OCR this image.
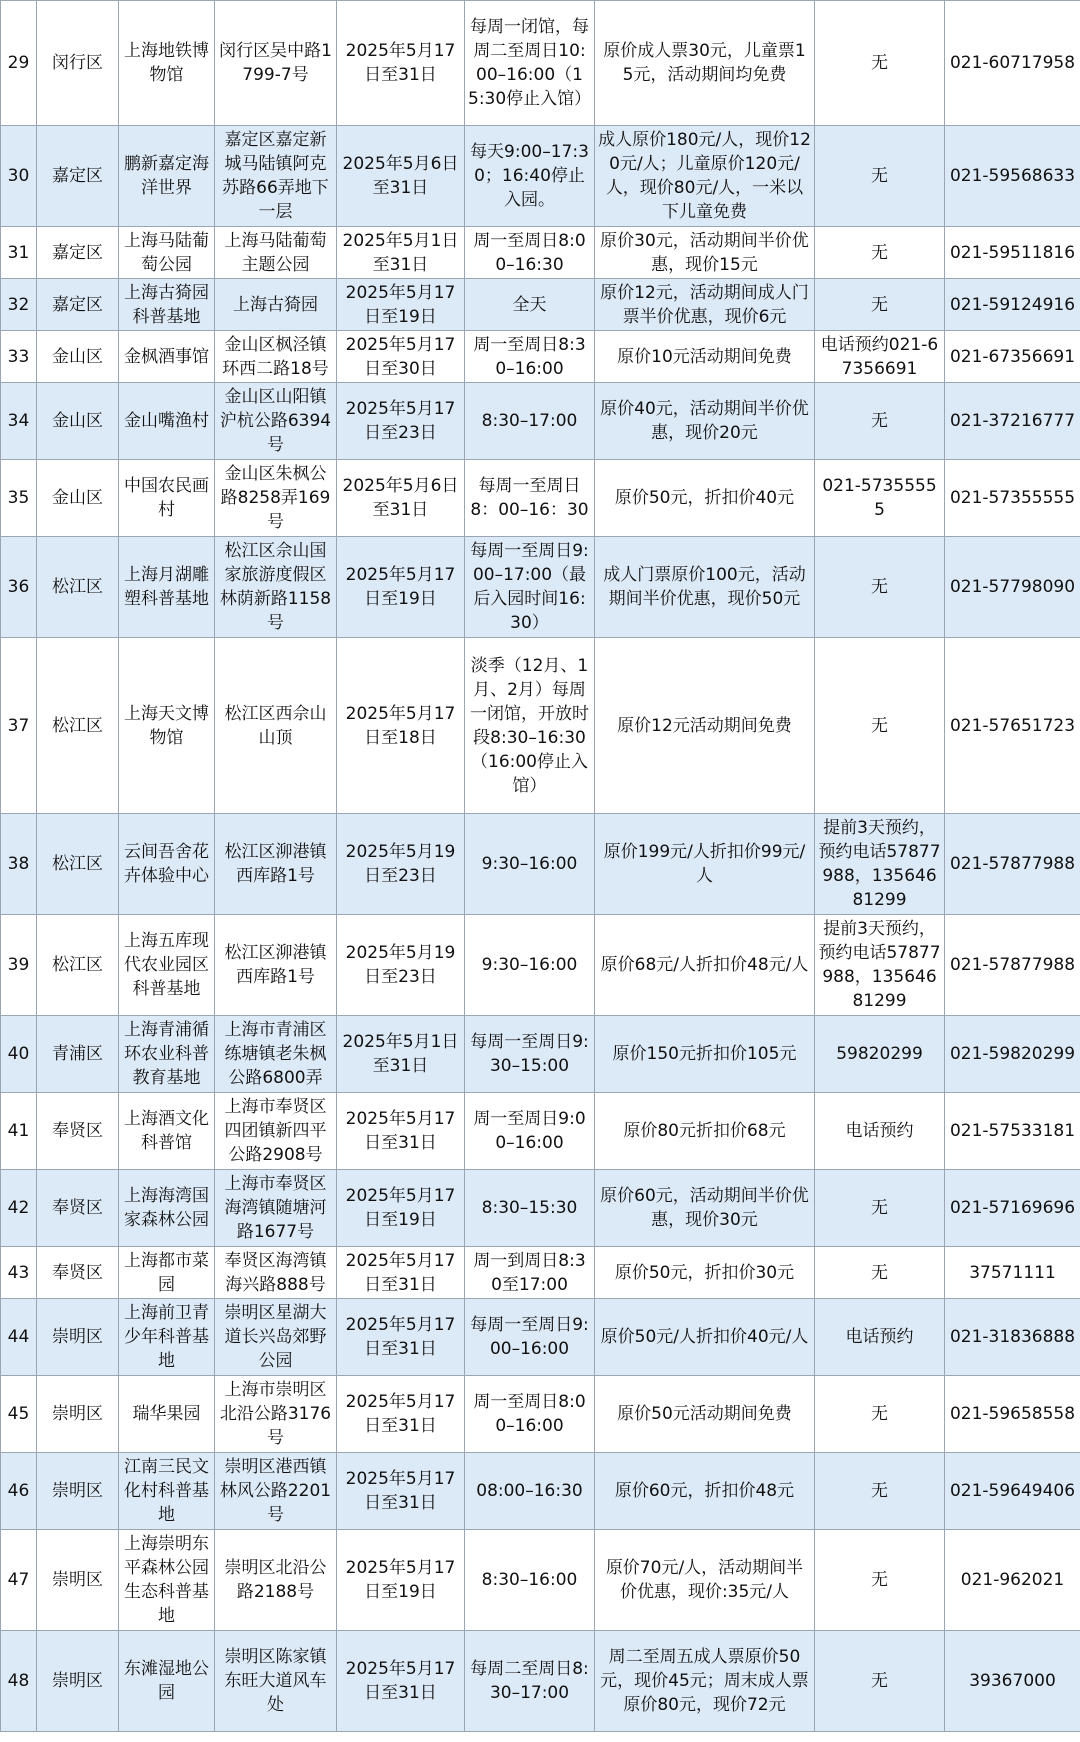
29	闵行区	上海地铁博物馆	闵行区吴中路1799-7号	2025年5月17日至31日	每周一闭馆，每周二至周日10:00–16:00（15:30停止入馆）	原价成人票30元，儿童票15元，活动期间均免费	无	021-60717958
30	嘉定区	鹏新嘉定海洋世界	嘉定区嘉定新城马陆镇阿克苏路66弄地下一层	2025年5月6日至31日	每天9:00–17:30；16:40停止入园。	成人原价180元/人，现价120元/人；儿童原价120元/人，现价80元/人，一米以下儿童免费	无	021-59568633
31	嘉定区	上海马陆葡萄公园	上海马陆葡萄主题公园	2025年5月1日至31日	周一至周日8:00–16:30	原价30元，活动期间半价优惠，现价15元	无	021-59511816
32	嘉定区	上海古猗园科普基地	上海古猗园	2025年5月17日至19日	全天	原价12元，活动期间成人门票半价优惠，现价6元	无	021-59124916
33	金山区	金枫酒事馆	金山区枫泾镇环西二路18号	2025年5月17日至30日	周一至周日8:30–16:00	原价10元活动期间免费	电话预约021-67356691	021-67356691
34	金山区	金山嘴渔村	金山区山阳镇沪杭公路6394号	2025年5月17日至23日	8:30–17:00	原价40元，活动期间半价优惠，现价20元	无	021-37216777
35	金山区	中国农民画村	金山区朱枫公路8258弄169号	2025年5月6日至31日	每周一至周日8：00–16：30	原价50元，折扣价40元	021-57355555	021-57355555
36	松江区	上海月湖雕塑科普基地	松江区佘山国家旅游度假区林荫新路1158号	2025年5月17日至19日	每周一至周日9:00–17:00（最后入园时间16:30）	成人门票原价100元，活动期间半价优惠，现价50元	无	021-57798090
37	松江区	上海天文博物馆	松江区西佘山山顶	2025年5月17日至18日	淡季（12月、1月、2月）每周一闭馆，开放时段8:30–16:30（16:00停止入馆）	原价12元活动期间免费	无	021-57651723
38	松江区	云间吾舍花卉体验中心	松江区泖港镇西库路1号	2025年5月19日至23日	9:30–16:00	原价199元/人折扣价99元/人	提前3天预约，预约电话57877988，13564681299	021-57877988
39	松江区	上海五库现代农业园区科普基地	松江区泖港镇西库路1号	2025年5月19日至23日	9:30–16:00	原价68元/人折扣价48元/人	提前3天预约，预约电话57877988，13564681299	021-57877988
40	青浦区	上海青浦循环农业科普教育基地	上海市青浦区练塘镇老朱枫公路6800弄	2025年5月1日至31日	每周一至周日9:30–15:00	原价150元折扣价105元	59820299	021-59820299
41	奉贤区	上海酒文化科普馆	上海市奉贤区四团镇新四平公路2908号	2025年5月17日至31日	周一至周日9:00–16:00	原价80元折扣价68元	电话预约	021-57533181
42	奉贤区	上海海湾国家森林公园	上海市奉贤区海湾镇随塘河路1677号	2025年5月17日至19日	8:30–15:30	原价60元，活动期间半价优惠，现价30元	无	021-57169696
43	奉贤区	上海都市菜园	奉贤区海湾镇海兴路888号	2025年5月17日至31日	周一到周日8:30至17:00	原价50元，折扣价30元	无	37571111
44	崇明区	上海前卫青少年科普基地	崇明区星湖大道长兴岛郊野公园	2025年5月17日至31日	每周一至周日9:00–16:00	原价50元/人折扣价40元/人	电话预约	021-31836888
45	崇明区	瑞华果园	上海市崇明区北沿公路3176号	2025年5月17日至31日	周一至周日8:00–16:00	原价50元活动期间免费	无	021-59658558
46	崇明区	江南三民文化村科普基地	崇明区港西镇林风公路2201号	2025年5月17日至31日	08:00–16:30	原价60元，折扣价48元	无	021-59649406
47	崇明区	上海崇明东平森林公园生态科普基地	崇明区北沿公路2188号	2025年5月17日至19日	8:30–16:00	原价70元/人，活动期间半价优惠，现价:35元/人	无	021-962021
48	崇明区	东滩湿地公园	崇明区陈家镇东旺大道风车处	2025年5月17日至31日	每周二至周日8:30–17:00	周二至周五成人票原价50元，现价45元；周末成人票原价80元，现价72元	无	39367000
